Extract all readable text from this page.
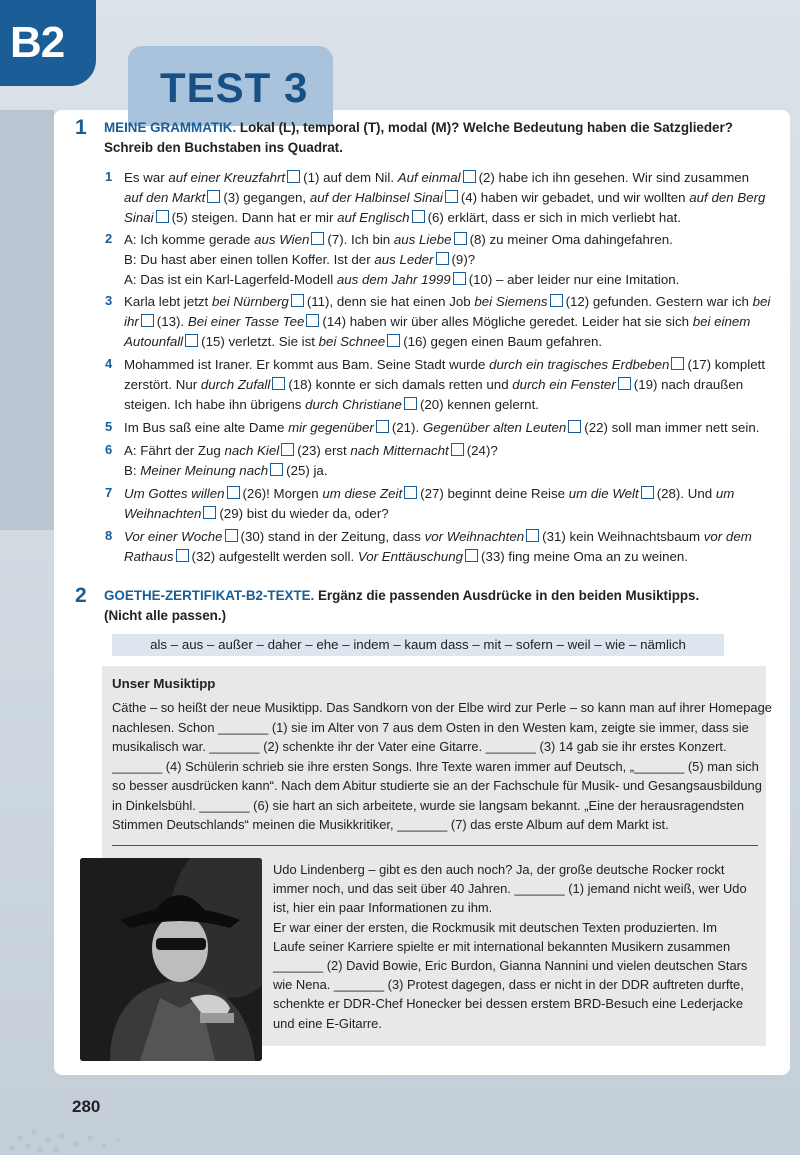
B2
TEST 3
1 MEINE GRAMMATIK. Lokal (L), temporal (T), modal (M)? Welche Bedeutung haben die Satzglieder?
Schreib den Buchstaben ins Quadrat.
1 Es war auf einer Kreuzfahrt (1) auf dem Nil. Auf einmal (2) habe ich ihn gesehen. Wir sind zusammen
auf den Markt (3) gegangen, auf der Halbinsel Sinai (4) haben wir gebadet, und wir wollten auf den Berg
Sinai (5) steigen. Dann hat er mir auf Englisch (6) erklärt, dass er sich in mich verliebt hat.
2 A: Ich komme gerade aus Wien (7). Ich bin aus Liebe (8) zu meiner Oma dahingefahren.
B: Du hast aber einen tollen Koffer. Ist der aus Leder (9)?
A: Das ist ein Karl-Lagerfeld-Modell aus dem Jahr 1999 (10) – aber leider nur eine Imitation.
3 Karla lebt jetzt bei Nürnberg (11), denn sie hat einen Job bei Siemens (12) gefunden. Gestern war ich bei
ihr (13). Bei einer Tasse Tee (14) haben wir über alles Mögliche geredet. Leider hat sie sich bei einem
Autounfall (15) verletzt. Sie ist bei Schnee (16) gegen einen Baum gefahren.
4 Mohammed ist Iraner. Er kommt aus Bam. Seine Stadt wurde durch ein tragisches Erdbeben (17) komplett
zerstört. Nur durch Zufall (18) konnte er sich damals retten und durch ein Fenster (19) nach draußen
steigen. Ich habe ihn übrigens durch Christiane (20) kennen gelernt.
5 Im Bus saß eine alte Dame mir gegenüber (21). Gegenüber alten Leuten (22) soll man immer nett sein.
6 A: Fährt der Zug nach Kiel (23) erst nach Mitternacht (24)?
B: Meiner Meinung nach (25) ja.
7 Um Gottes willen (26)! Morgen um diese Zeit (27) beginnt deine Reise um die Welt (28). Und um
Weihnachten (29) bist du wieder da, oder?
8 Vor einer Woche (30) stand in der Zeitung, dass vor Weihnachten (31) kein Weihnachtsbaum vor dem
Rathaus (32) aufgestellt werden soll. Vor Enttäuschung (33) fing meine Oma an zu weinen.
2 GOETHE-ZERTIFIKAT-B2-TEXTE. Ergänz die passenden Ausdrücke in den beiden Musiktipps.
(Nicht alle passen.)
als – aus – außer – daher – ehe – indem – kaum dass – mit – sofern – weil – wie – nämlich
Unser Musiktipp
Cäthe – so heißt der neue Musiktipp. Das Sandkorn von der Elbe wird zur Perle – so kann man auf ihrer Homepage
nachlesen. Schon _______ (1) sie im Alter von 7 aus dem Osten in den Westen kam, zeigte sie immer, dass sie
musikalisch war. _______ (2) schenkte ihr der Vater eine Gitarre. _______ (3) 14 gab sie ihr erstes Konzert.
_______ (4) Schülerin schrieb sie ihre ersten Songs. Ihre Texte waren immer auf Deutsch, „_______ (5) man sich
so besser ausdrücken kann“. Nach dem Abitur studierte sie an der Fachschule für Musik- und Gesangsausbildung
in Dinkelsbühl. _______ (6) sie hart an sich arbeitete, wurde sie langsam bekannt. „Eine der herausragendsten
Stimmen Deutschlands“ meinen die Musikkritiker, _______ (7) das erste Album auf dem Markt ist.
Udo Lindenberg – gibt es den auch noch? Ja, der große deutsche Rocker rockt
immer noch, und das seit über 40 Jahren. _______ (1) jemand nicht weiß, wer Udo
ist, hier ein paar Informationen zu ihm.
Er war einer der ersten, die Rockmusik mit deutschen Texten produzierten. Im
Laufe seiner Karriere spielte er mit international bekannten Musikern zusammen
_______ (2) David Bowie, Eric Burdon, Gianna Nannini und vielen deutschen Stars
wie Nena. _______ (3) Protest dagegen, dass er nicht in der DDR auftreten durfte,
schenkte er DDR-Chef Honecker bei dessen erstem BRD-Besuch eine Lederjacke
und eine E-Gitarre.
280
